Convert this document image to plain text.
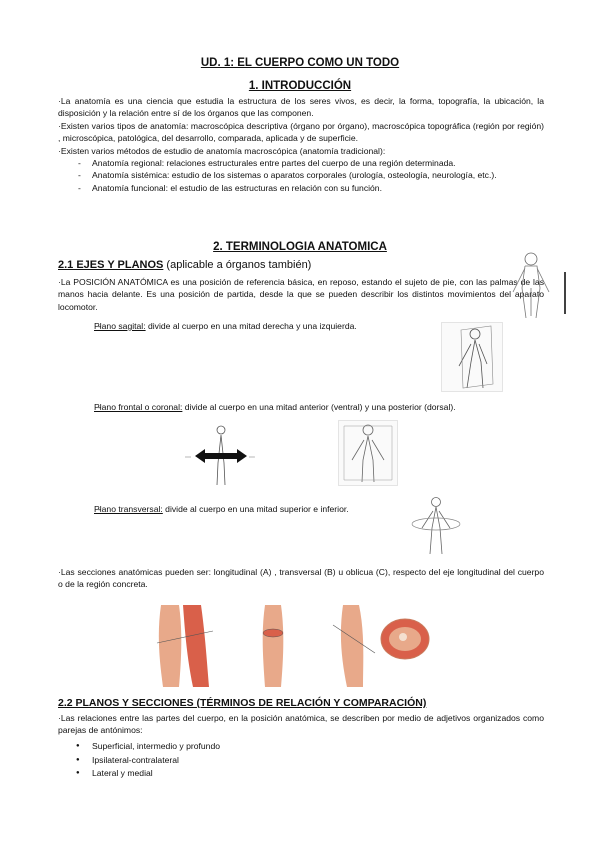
UD. 1: EL CUERPO COMO UN TODO
1. INTRODUCCIÓN
·La anatomía es una ciencia que estudia la estructura de los seres vivos, es decir, la forma, topografía, la ubicación, la disposición y la relación entre sí de los órganos que las componen.
·Existen varios tipos de anatomía: macroscópica descriptiva (órgano por órgano), macroscópica topográfica (región por región) , microscópica, patológica, del desarrollo, comparada, aplicada y de superficie.
·Existen varios métodos de estudio de anatomía macroscópica (anatomía tradicional):
- Anatomía regional: relaciones estructurales entre partes del cuerpo de una región determinada.
- Anatomía sistémica: estudio de los sistemas o aparatos corporales (urología, osteología, neurología, etc.).
- Anatomía funcional: el estudio de las estructuras en relación con su función.
2. TERMINOLOGIA ANATOMICA
2.1 EJES Y PLANOS (aplicable a órganos también)
·La POSICIÓN ANATÓMICA es una posición de referencia básica, en reposo, estando el sujeto de pie, con las palmas de las manos hacia delante. Es una posición de partida, desde la que se pueden describir los distintos movimientos del aparato locomotor.
- Plano sagital: divide al cuerpo en una mitad derecha y una izquierda.
- Plano frontal o coronal: divide al cuerpo en una mitad anterior (ventral) y una posterior (dorsal).
- Plano transversal: divide al cuerpo en una mitad superior e inferior.
·Las secciones anatómicas pueden ser: longitudinal (A) , transversal (B) u oblicua (C), respecto del eje longitudinal del cuerpo o de la región concreta.
2.2 PLANOS Y SECCIONES (TÉRMINOS DE RELACIÓN Y COMPARACIÓN)
·Las relaciones entre las partes del cuerpo, en la posición anatómica, se describen por medio de adjetivos organizados como parejas de antónimos:
● Superficial, intermedio y profundo
● Ipsilateral-contralateral
● Lateral y medial
